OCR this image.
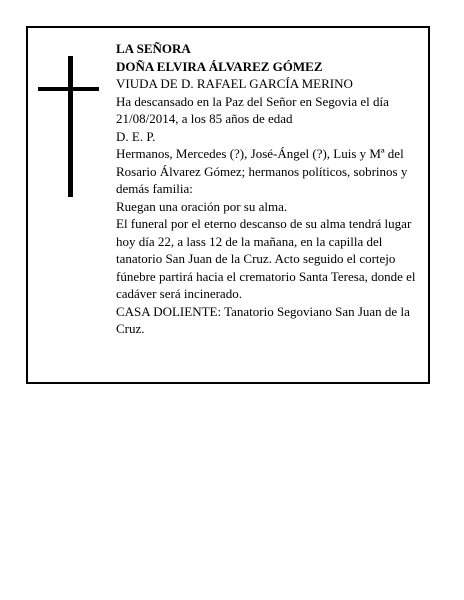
LA SEÑORA
DOÑA ELVIRA ÁLVAREZ GÓMEZ
VIUDA DE D. RAFAEL GARCÍA MERINO
Ha descansado en la Paz del Señor en Segovia el día 21/08/2014, a los 85 años de edad
D. E. P.
Hermanos, Mercedes (?), José-Ángel (?), Luis y Mª del Rosario Álvarez Gómez; hermanos políticos, sobrinos y demás familia:
Ruegan una oración por su alma.
El funeral por el eterno descanso de su alma tendrá lugar hoy día 22, a lass 12 de la mañana, en la capilla del tanatorio San Juan de la Cruz. Acto seguido el cortejo fúnebre partirá hacia el crematorio Santa Teresa, donde el cadáver será incinerado.
CASA DOLIENTE: Tanatorio Segoviano San Juan de la Cruz.
